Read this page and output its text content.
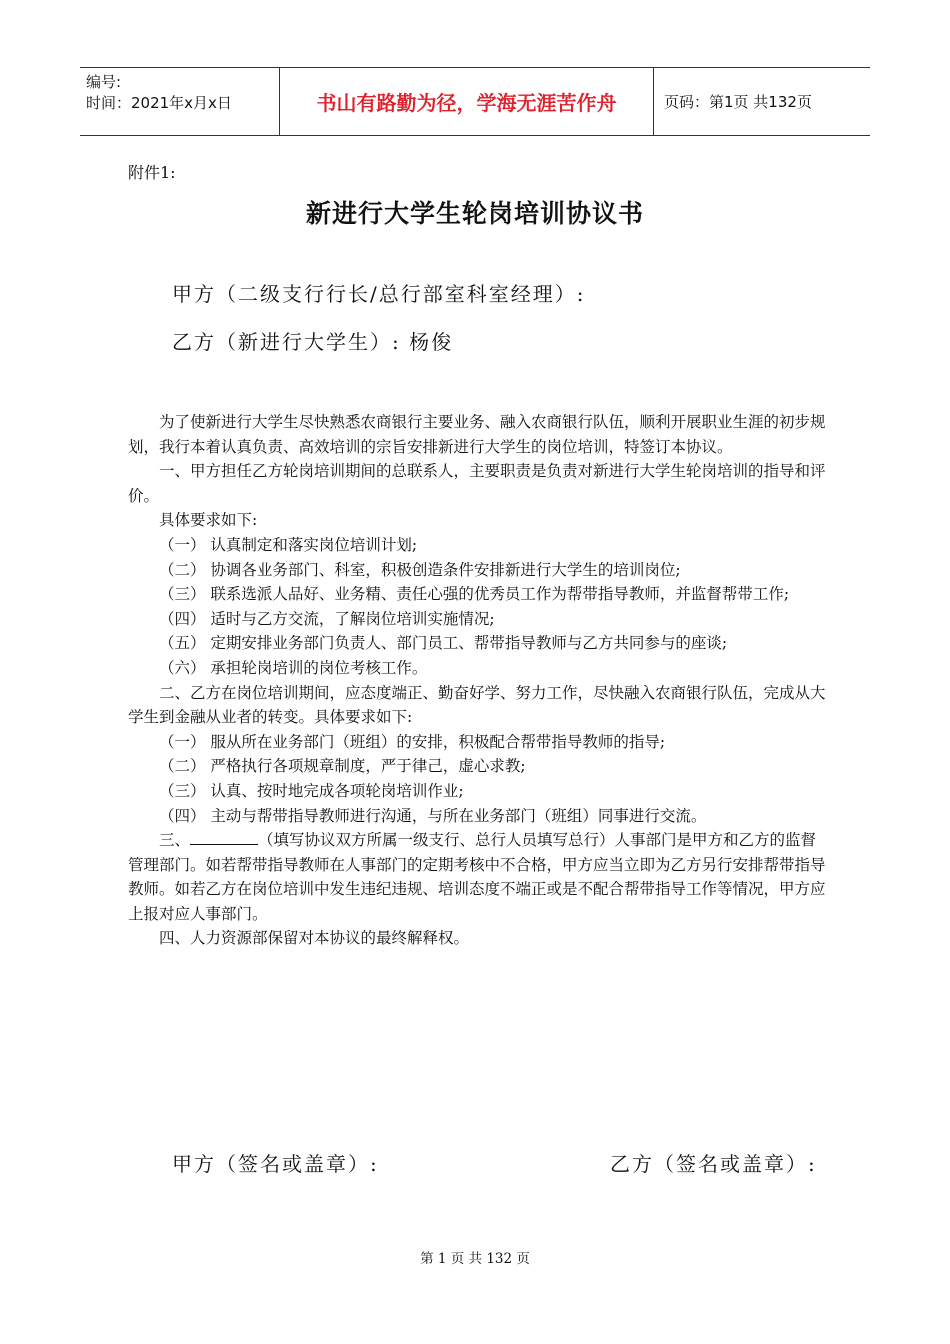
编号:
时间：2021年x月x日	书山有路勤为径，学海无涯苦作舟	页码：第1页 共132页
附件1:
新进行大学生轮岗培训协议书
甲方（二级支行行长/总行部室科室经理）:
乙方（新进行大学生）: 杨俊

为了使新进行大学生尽快熟悉农商银行主要业务、融入农商银行队伍，顺利开展职业生涯的初步规划，我行本着认真负责、高效培训的宗旨安排新进行大学生的岗位培训，特签订本协议。

一、甲方担任乙方轮岗培训期间的总联系人，主要职责是负责对新进行大学生轮岗培训的指导和评价。

具体要求如下:

（一） 认真制定和落实岗位培训计划;

（二） 协调各业务部门、科室，积极创造条件安排新进行大学生的培训岗位;

（三） 联系选派人品好、业务精、责任心强的优秀员工作为帮带指导教师，并监督帮带工作;

（四） 适时与乙方交流，了解岗位培训实施情况;

（五） 定期安排业务部门负责人、部门员工、帮带指导教师与乙方共同参与的座谈;

（六） 承担轮岗培训的岗位考核工作。

二、乙方在岗位培训期间，应态度端正、勤奋好学、努力工作，尽快融入农商银行队伍，完成从大学生到金融从业者的转变。具体要求如下:

（一） 服从所在业务部门（班组）的安排，积极配合帮带指导教师的指导;

（二） 严格执行各项规章制度，严于律己，虚心求教;

（三） 认真、按时地完成各项轮岗培训作业;

（四） 主动与帮带指导教师进行沟通，与所在业务部门（班组）同事进行交流。

三、	（填写协议双方所属一级支行、总行人员填写总行）人事部门是甲方和乙方的监督管理部门。如若帮带指导教师在人事部门的定期考核中不合格，甲方应当立即为乙方另行安排帮带指导教师。如若乙方在岗位培训中发生违纪违规、培训态度不端正或是不配合帮带指导工作等情况，甲方应上报对应人事部门。

四、人力资源部保留对本协议的最终解释权。

甲方（签名或盖章）:	乙方（签名或盖章）:
第 1 页 共 132 页
